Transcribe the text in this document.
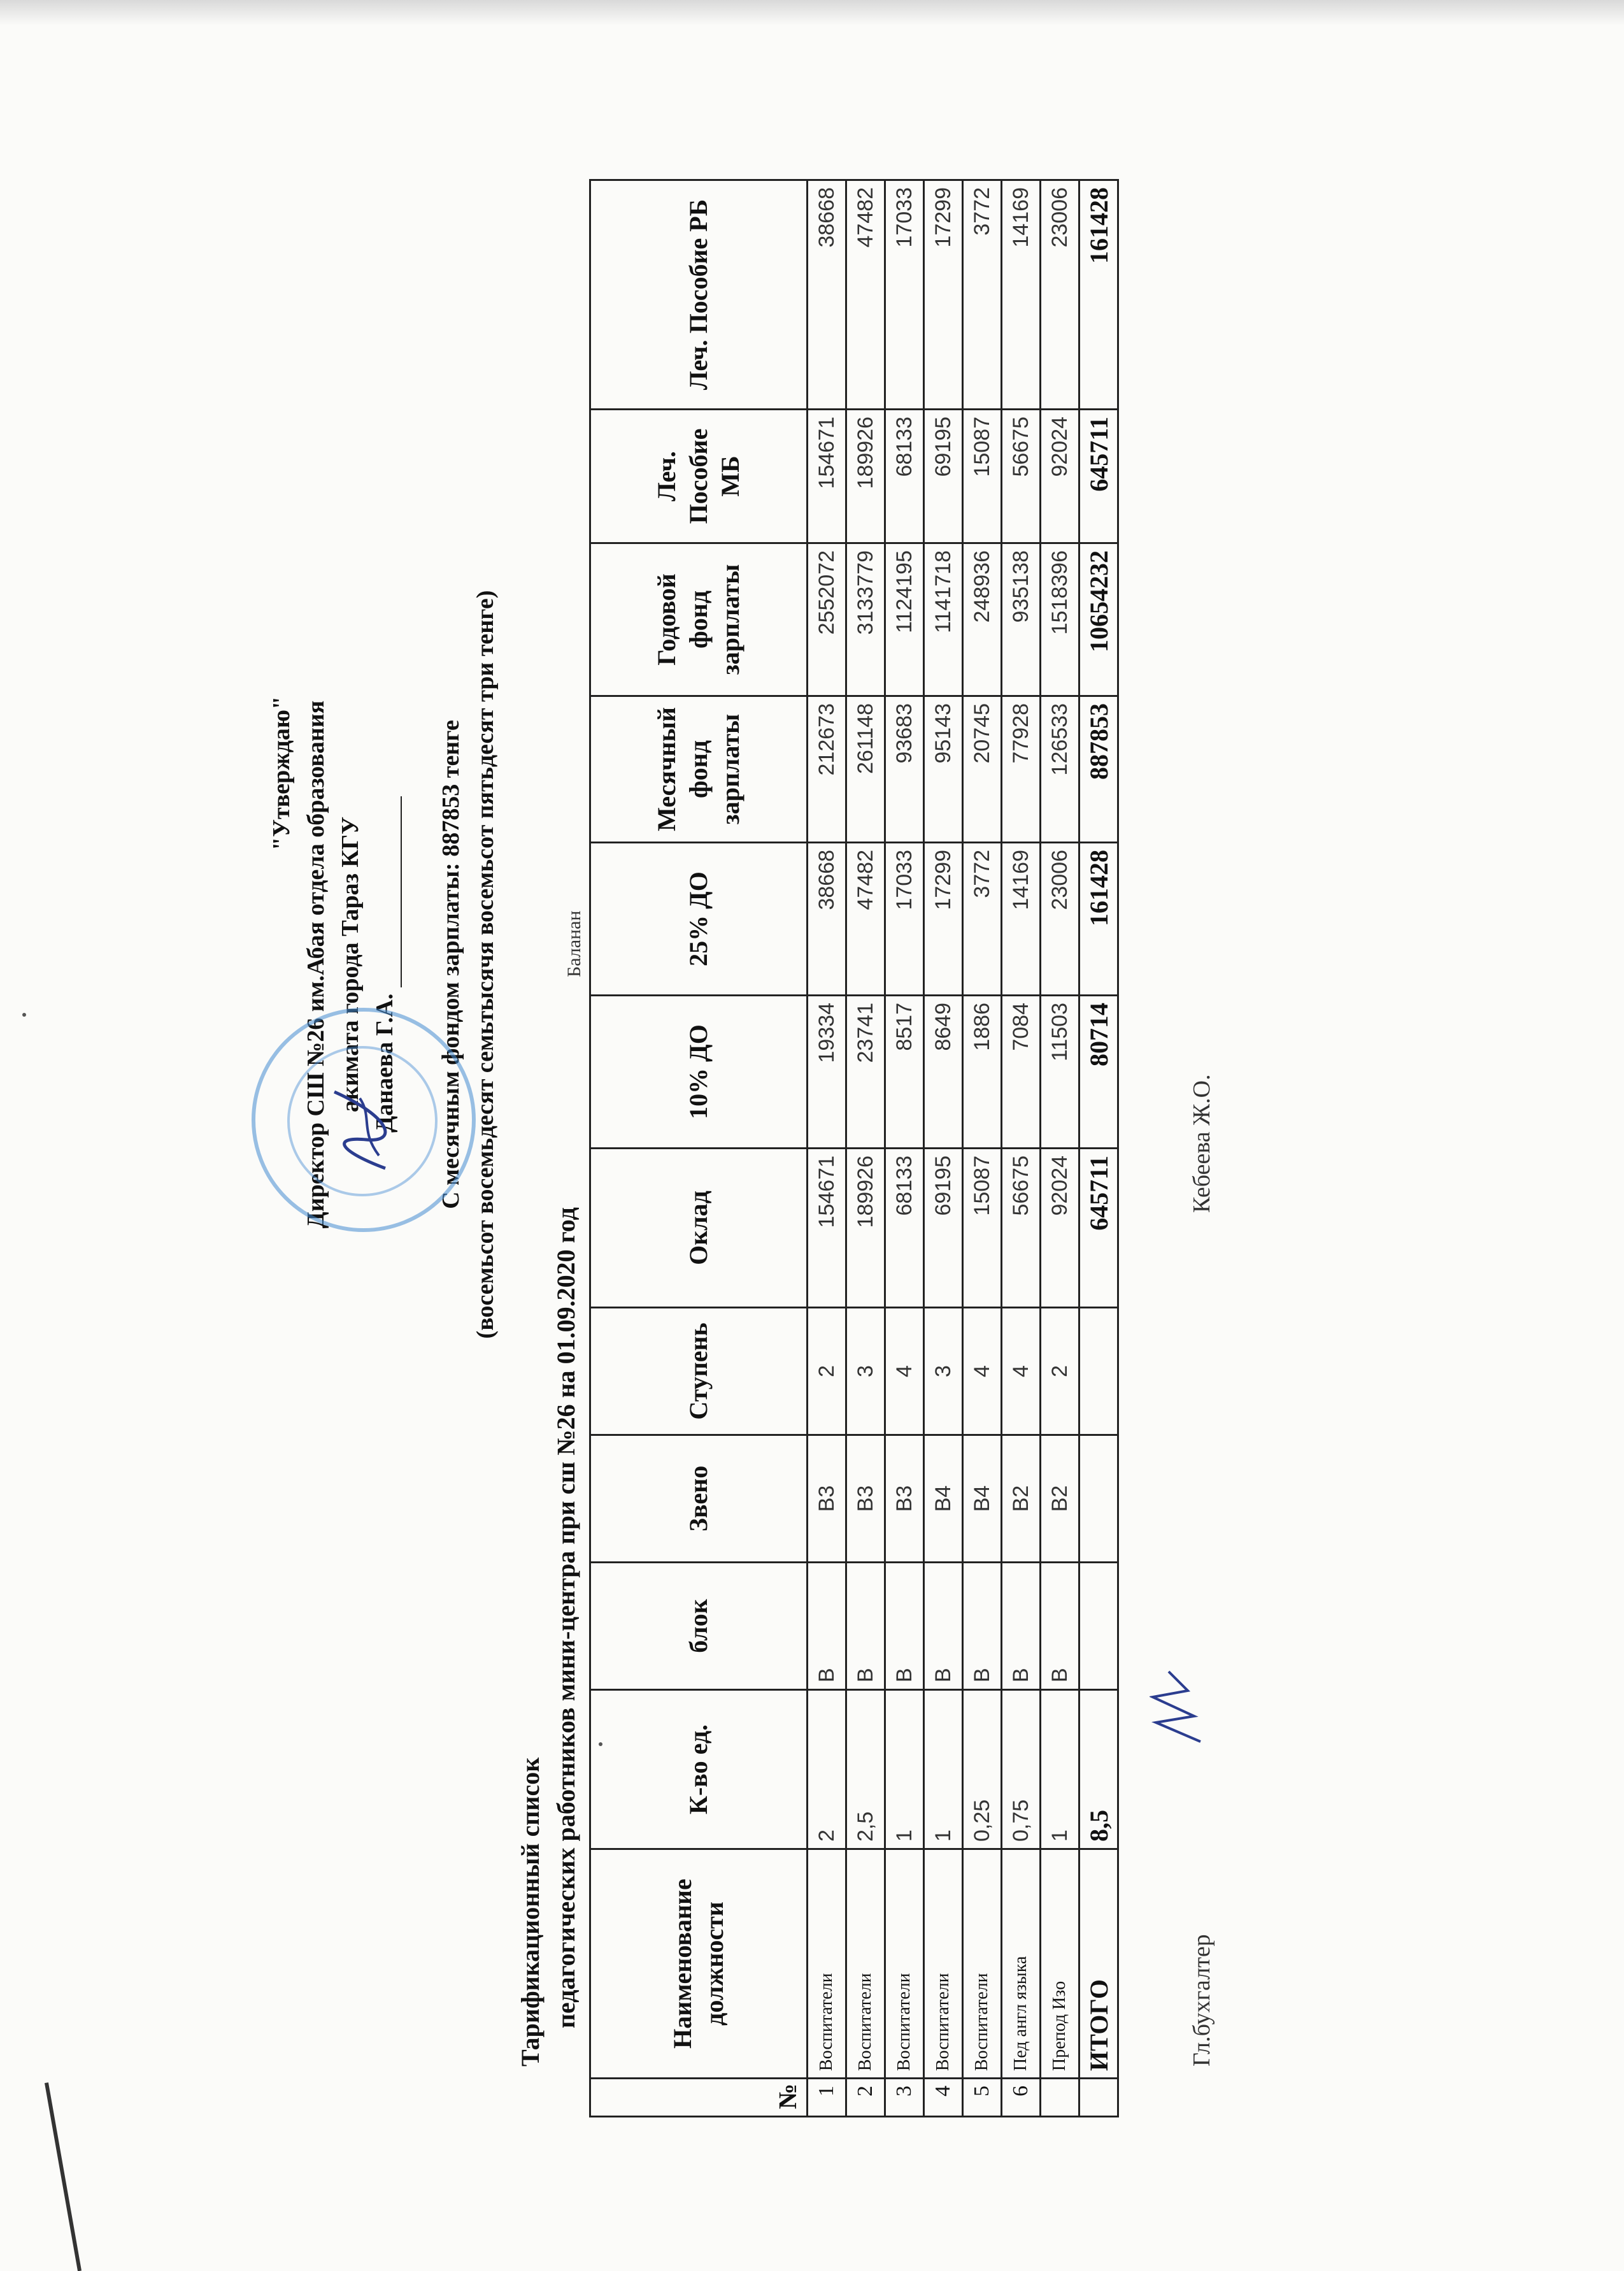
"Утверждаю" Директор СШ №26 им.Абая отдела образования акимата города Тараз КГУ Данаева Г.А. С месячным фондом зарплаты: 887853 тенге (восемьсот восемьдесят семьтысячя восемьсот пятьдесят три тенге)
Тарификационный список педагогических работников мини-центра при сш №26 на 01.09.2020 год
Баланан
№	Наименование должности	К-во ед.	блок	Звено	Ступень	Оклад	10% ДО	25% ДО	Месячный фонд зарплаты	Годовой фонд зарплаты	Леч. Пособие МБ	Леч. Пособие РБ
1	Воспитатели	2	В	В3	2	154671	19334	38668	212673	2552072	154671	38668
2	Воспитатели	2,5	В	В3	3	189926	23741	47482	261148	3133779	189926	47482
3	Воспитатели	1	В	В3	4	68133	8517	17033	93683	1124195	68133	17033
4	Воспитатели	1	В	В4	3	69195	8649	17299	95143	1141718	69195	17299
5	Воспитатели	0,25	В	В4	4	15087	1886	3772	20745	248936	15087	3772
6	Пед англ языка	0,75	В	В2	4	56675	7084	14169	77928	935138	56675	14169
	Препод Изо	1	В	В2	2	92024	11503	23006	126533	1518396	92024	23006
	ИТОГО	8,5				645711	80714	161428	887853	10654232	645711	161428
Гл.бухгалтер
Кебеева Ж.О.
